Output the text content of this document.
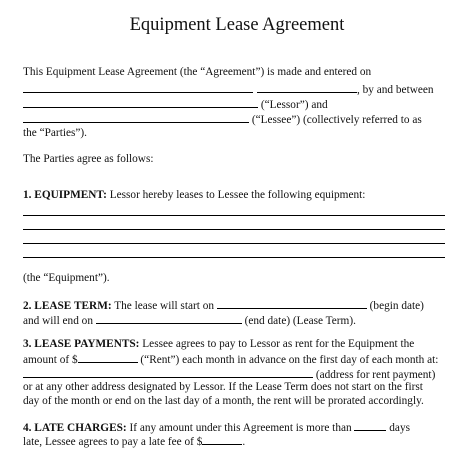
Equipment Lease Agreement
This Equipment Lease Agreement (the “Agreement”) is made and entered on
, by and between
(“Lessor”) and
(“Lessee”) (collectively referred to as
the “Parties”).
The Parties agree as follows:
1. EQUIPMENT: Lessor hereby leases to Lessee the following equipment:
(the “Equipment”).
2. LEASE TERM: The lease will start on	(begin date)
and will end on	(end date) (Lease Term).
3. LEASE PAYMENTS: Lessee agrees to pay to Lessor as rent for the Equipment the
amount of $	(“Rent”) each month in advance on the first day of each month at:
(address for rent payment)
or at any other address designated by Lessor. If the Lease Term does not start on the first
day of the month or end on the last day of a month, the rent will be prorated accordingly.
4. LATE CHARGES: If any amount under this Agreement is more than	days
late, Lessee agrees to pay a late fee of $	.
